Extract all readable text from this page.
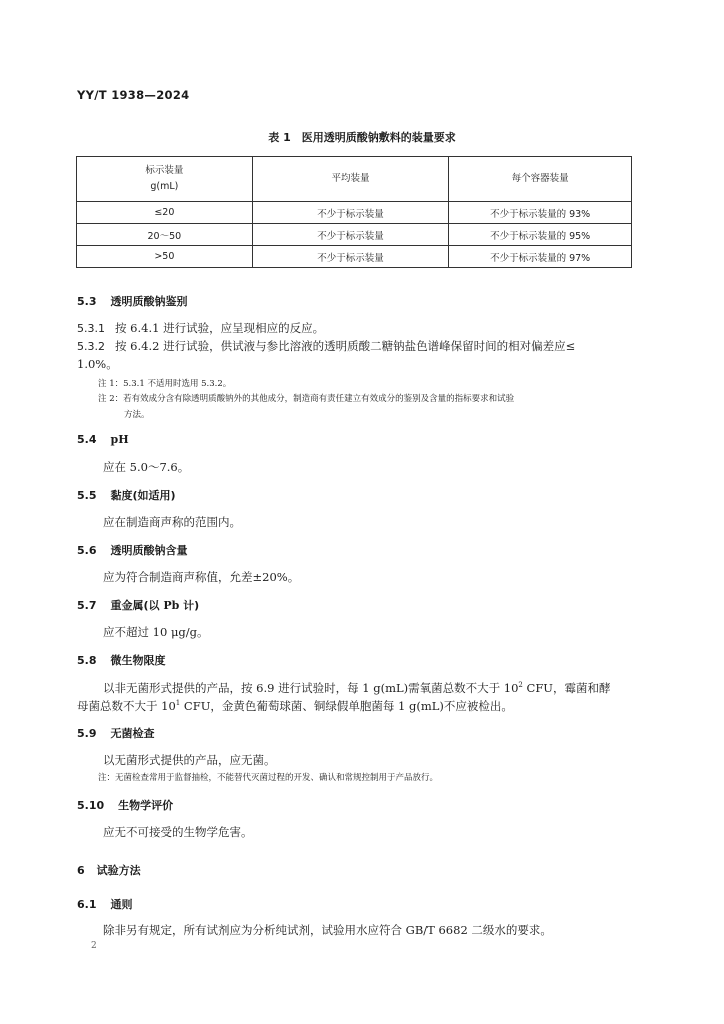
YY/T 1938—2024
表 1　医用透明质酸钠敷料的装量要求
标示装量
g(mL)	平均装量	每个容器装量
≤20	不少于标示装量	不少于标示装量的 93%
20～50	不少于标示装量	不少于标示装量的 95%
>50	不少于标示装量	不少于标示装量的 97%
5.3 透明质酸钠鉴别
5.3.1 按 6.4.1 进行试验，应呈现相应的反应。
5.3.2 按 6.4.2 进行试验，供试液与参比溶液的透明质酸二糖钠盐色谱峰保留时间的相对偏差应≤
1.0%。
注 1：5.3.1 不适用时选用 5.3.2。
注 2：若有效成分含有除透明质酸钠外的其他成分，制造商有责任建立有效成分的鉴别及含量的指标要求和试验
方法。
5.4 pH
应在 5.0～7.6。
5.5 黏度(如适用)
应在制造商声称的范围内。
5.6 透明质酸钠含量
应为符合制造商声称值，允差±20%。
5.7 重金属(以 Pb 计)
应不超过 10 μg/g。
5.8 微生物限度
以非无菌形式提供的产品，按 6.9 进行试验时，每 1 g(mL)需氧菌总数不大于 $10^2$ CFU，霉菌和酵
母菌总数不大于 $10^1$ CFU，金黄色葡萄球菌、铜绿假单胞菌每 1 g(mL)不应被检出。
5.9 无菌检查
以无菌形式提供的产品，应无菌。
注：无菌检查常用于监督抽检，不能替代灭菌过程的开发、确认和常规控制用于产品放行。
5.10 生物学评价
应无不可接受的生物学危害。
6 试验方法
6.1 通则
除非另有规定，所有试剂应为分析纯试剂，试验用水应符合 GB/T 6682 二级水的要求。
2
